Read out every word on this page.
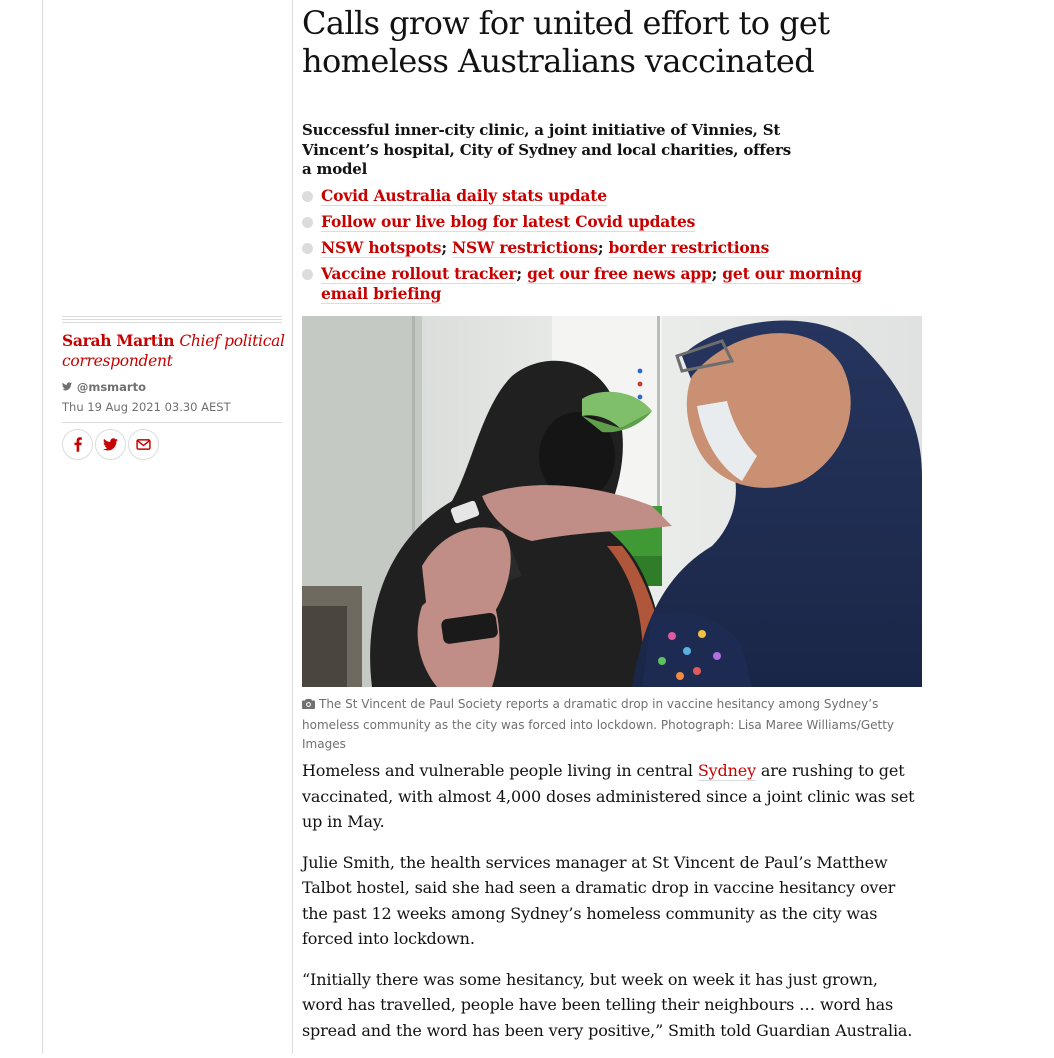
Calls grow for united effort to get homeless Australians vaccinated

Successful inner-city clinic, a joint initiative of Vinnies, St Vincent’s hospital, City of Sydney and local charities, offers a model

Covid Australia daily stats update
Follow our live blog for latest Covid updates
NSW hotspots; NSW restrictions; border restrictions
Vaccine rollout tracker; get our free news app; get our morning email briefing
Sarah Martin Chief political correspondent
@msmarto
Thu 19 Aug 2021 03.30 AEST

The St Vincent de Paul Society reports a dramatic drop in vaccine hesitancy among Sydney’s homeless community as the city was forced into lockdown. Photograph: Lisa Maree Williams/Getty Images

Homeless and vulnerable people living in central Sydney are rushing to get vaccinated, with almost 4,000 doses administered since a joint clinic was set up in May.

Julie Smith, the health services manager at St Vincent de Paul’s Matthew Talbot hostel, said she had seen a dramatic drop in vaccine hesitancy over the past 12 weeks among Sydney’s homeless community as the city was forced into lockdown.

“Initially there was some hesitancy, but week on week it has just grown, word has travelled, people have been telling their neighbours … word has spread and the word has been very positive,” Smith told Guardian Australia.
